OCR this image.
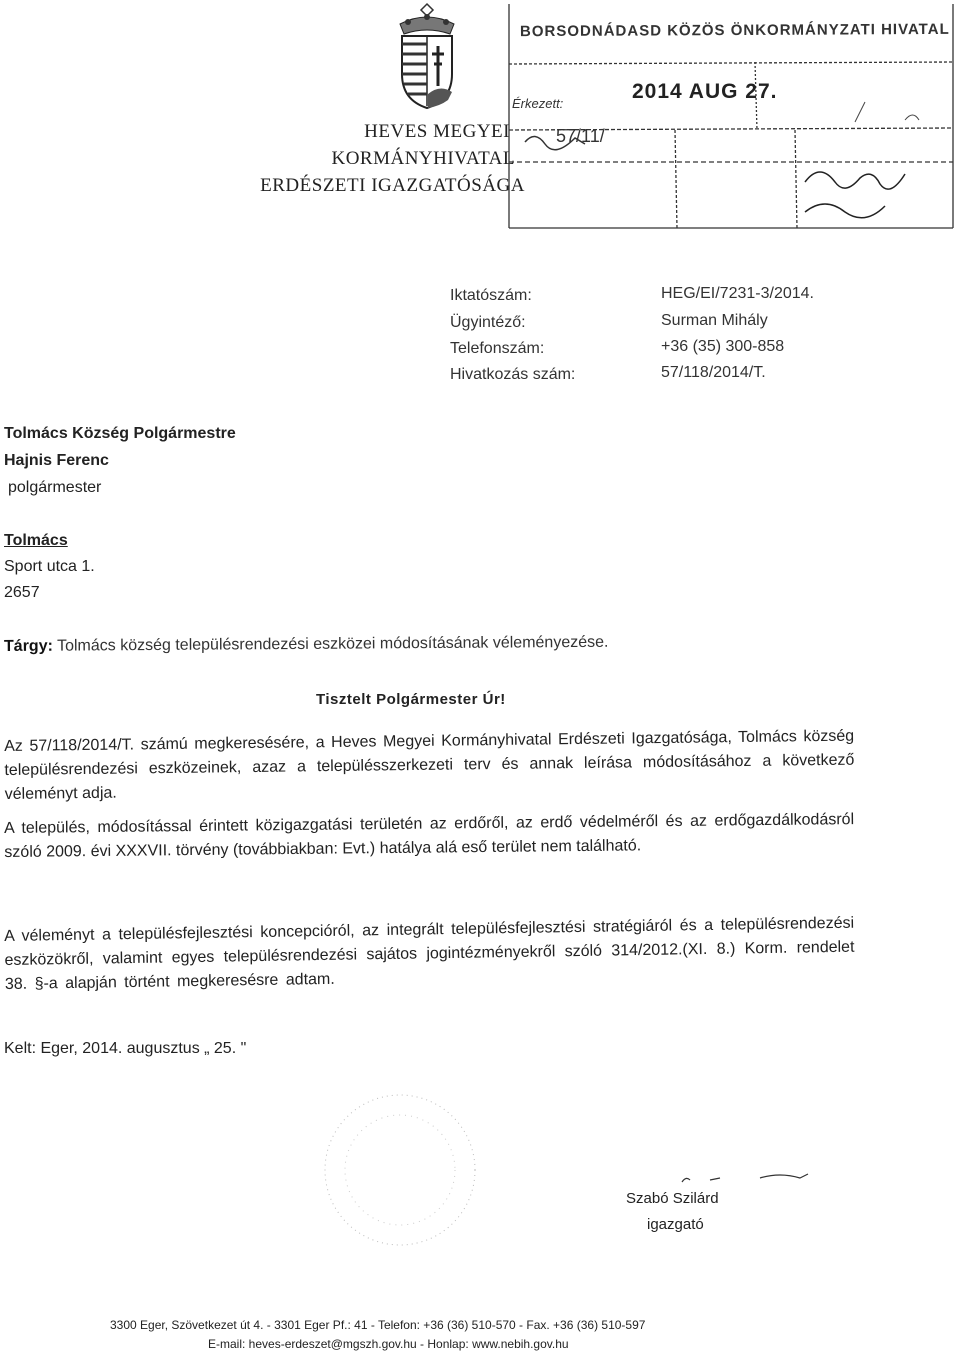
HEVES MEGYEI
KORMÁNYHIVATAL
ERDÉSZETI IGAZGATÓSÁGA
BORSODNÁDASD KÖZÖS ÖNKORMÁNYZATI HIVATAL
Érkezett:
2014 AUG 27.
57/11/
Iktatószám:	HEG/EI/7231-3/2014.
Ügyintéző:	Surman Mihály
Telefonszám:	+36 (35) 300-858
Hivatkozás szám:	57/118/2014/T.
Tolmács Község Polgármestre
Hajnis Ferenc
polgármester
Tolmács
Sport utca 1.
2657
Tárgy: Tolmács község településrendezési eszközei módosításának véleményezése.
Tisztelt Polgármester Úr!
Az 57/118/2014/T. számú megkeresésére, a Heves Megyei Kormányhivatal Erdészeti Igazgatósága, Tolmács község településrendezési eszközeinek, azaz a településszerkezeti terv és annak leírása módosításához a következő véleményt adja.
A település, módosítással érintett közigazgatási területén az erdőről, az erdő védelméről és az erdőgazdálkodásról szóló 2009. évi XXXVII. törvény (továbbiakban: Evt.) hatálya alá eső terület nem található.
A véleményt a településfejlesztési koncepcióról, az integrált településfejlesztési stratégiáról és a településrendezési eszközökről, valamint egyes településrendezési sajátos jogintézményekről szóló 314/2012.(XI. 8.) Korm. rendelet 38. §-a alapján történt megkeresésre adtam.
Kelt: Eger, 2014. augusztus „ 25. "
Szabó Szilárd
igazgató
3300 Eger, Szövetkezet út 4. - 3301 Eger Pf.: 41 - Telefon: +36 (36) 510-570 - Fax. +36 (36) 510-597
E-mail: heves-erdeszet@mgszh.gov.hu - Honlap: www.nebih.gov.hu
